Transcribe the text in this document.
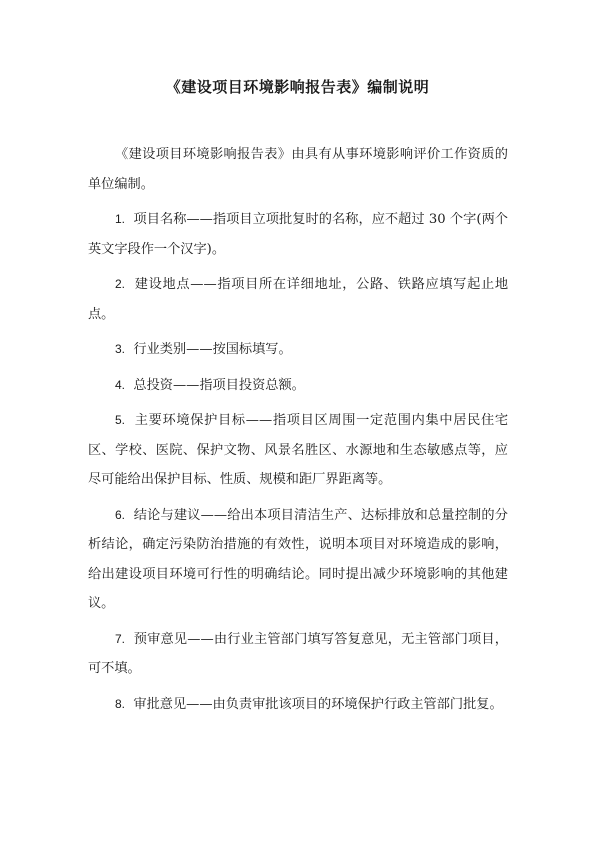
《建设项目环境影响报告表》编制说明

《建设项目环境影响报告表》由具有从事环境影响评价工作资质的单位编制。

1. 项目名称——指项目立项批复时的名称，应不超过 30 个字(两个英文字段作一个汉字)。

2. 建设地点——指项目所在详细地址，公路、铁路应填写起止地点。

3. 行业类别——按国标填写。

4. 总投资——指项目投资总额。

5. 主要环境保护目标——指项目区周围一定范围内集中居民住宅区、学校、医院、保护文物、风景名胜区、水源地和生态敏感点等，应尽可能给出保护目标、性质、规模和距厂界距离等。

6. 结论与建议——给出本项目清洁生产、达标排放和总量控制的分析结论，确定污染防治措施的有效性，说明本项目对环境造成的影响，给出建设项目环境可行性的明确结论。同时提出减少环境影响的其他建议。

7. 预审意见——由行业主管部门填写答复意见，无主管部门项目，可不填。

8. 审批意见——由负责审批该项目的环境保护行政主管部门批复。
